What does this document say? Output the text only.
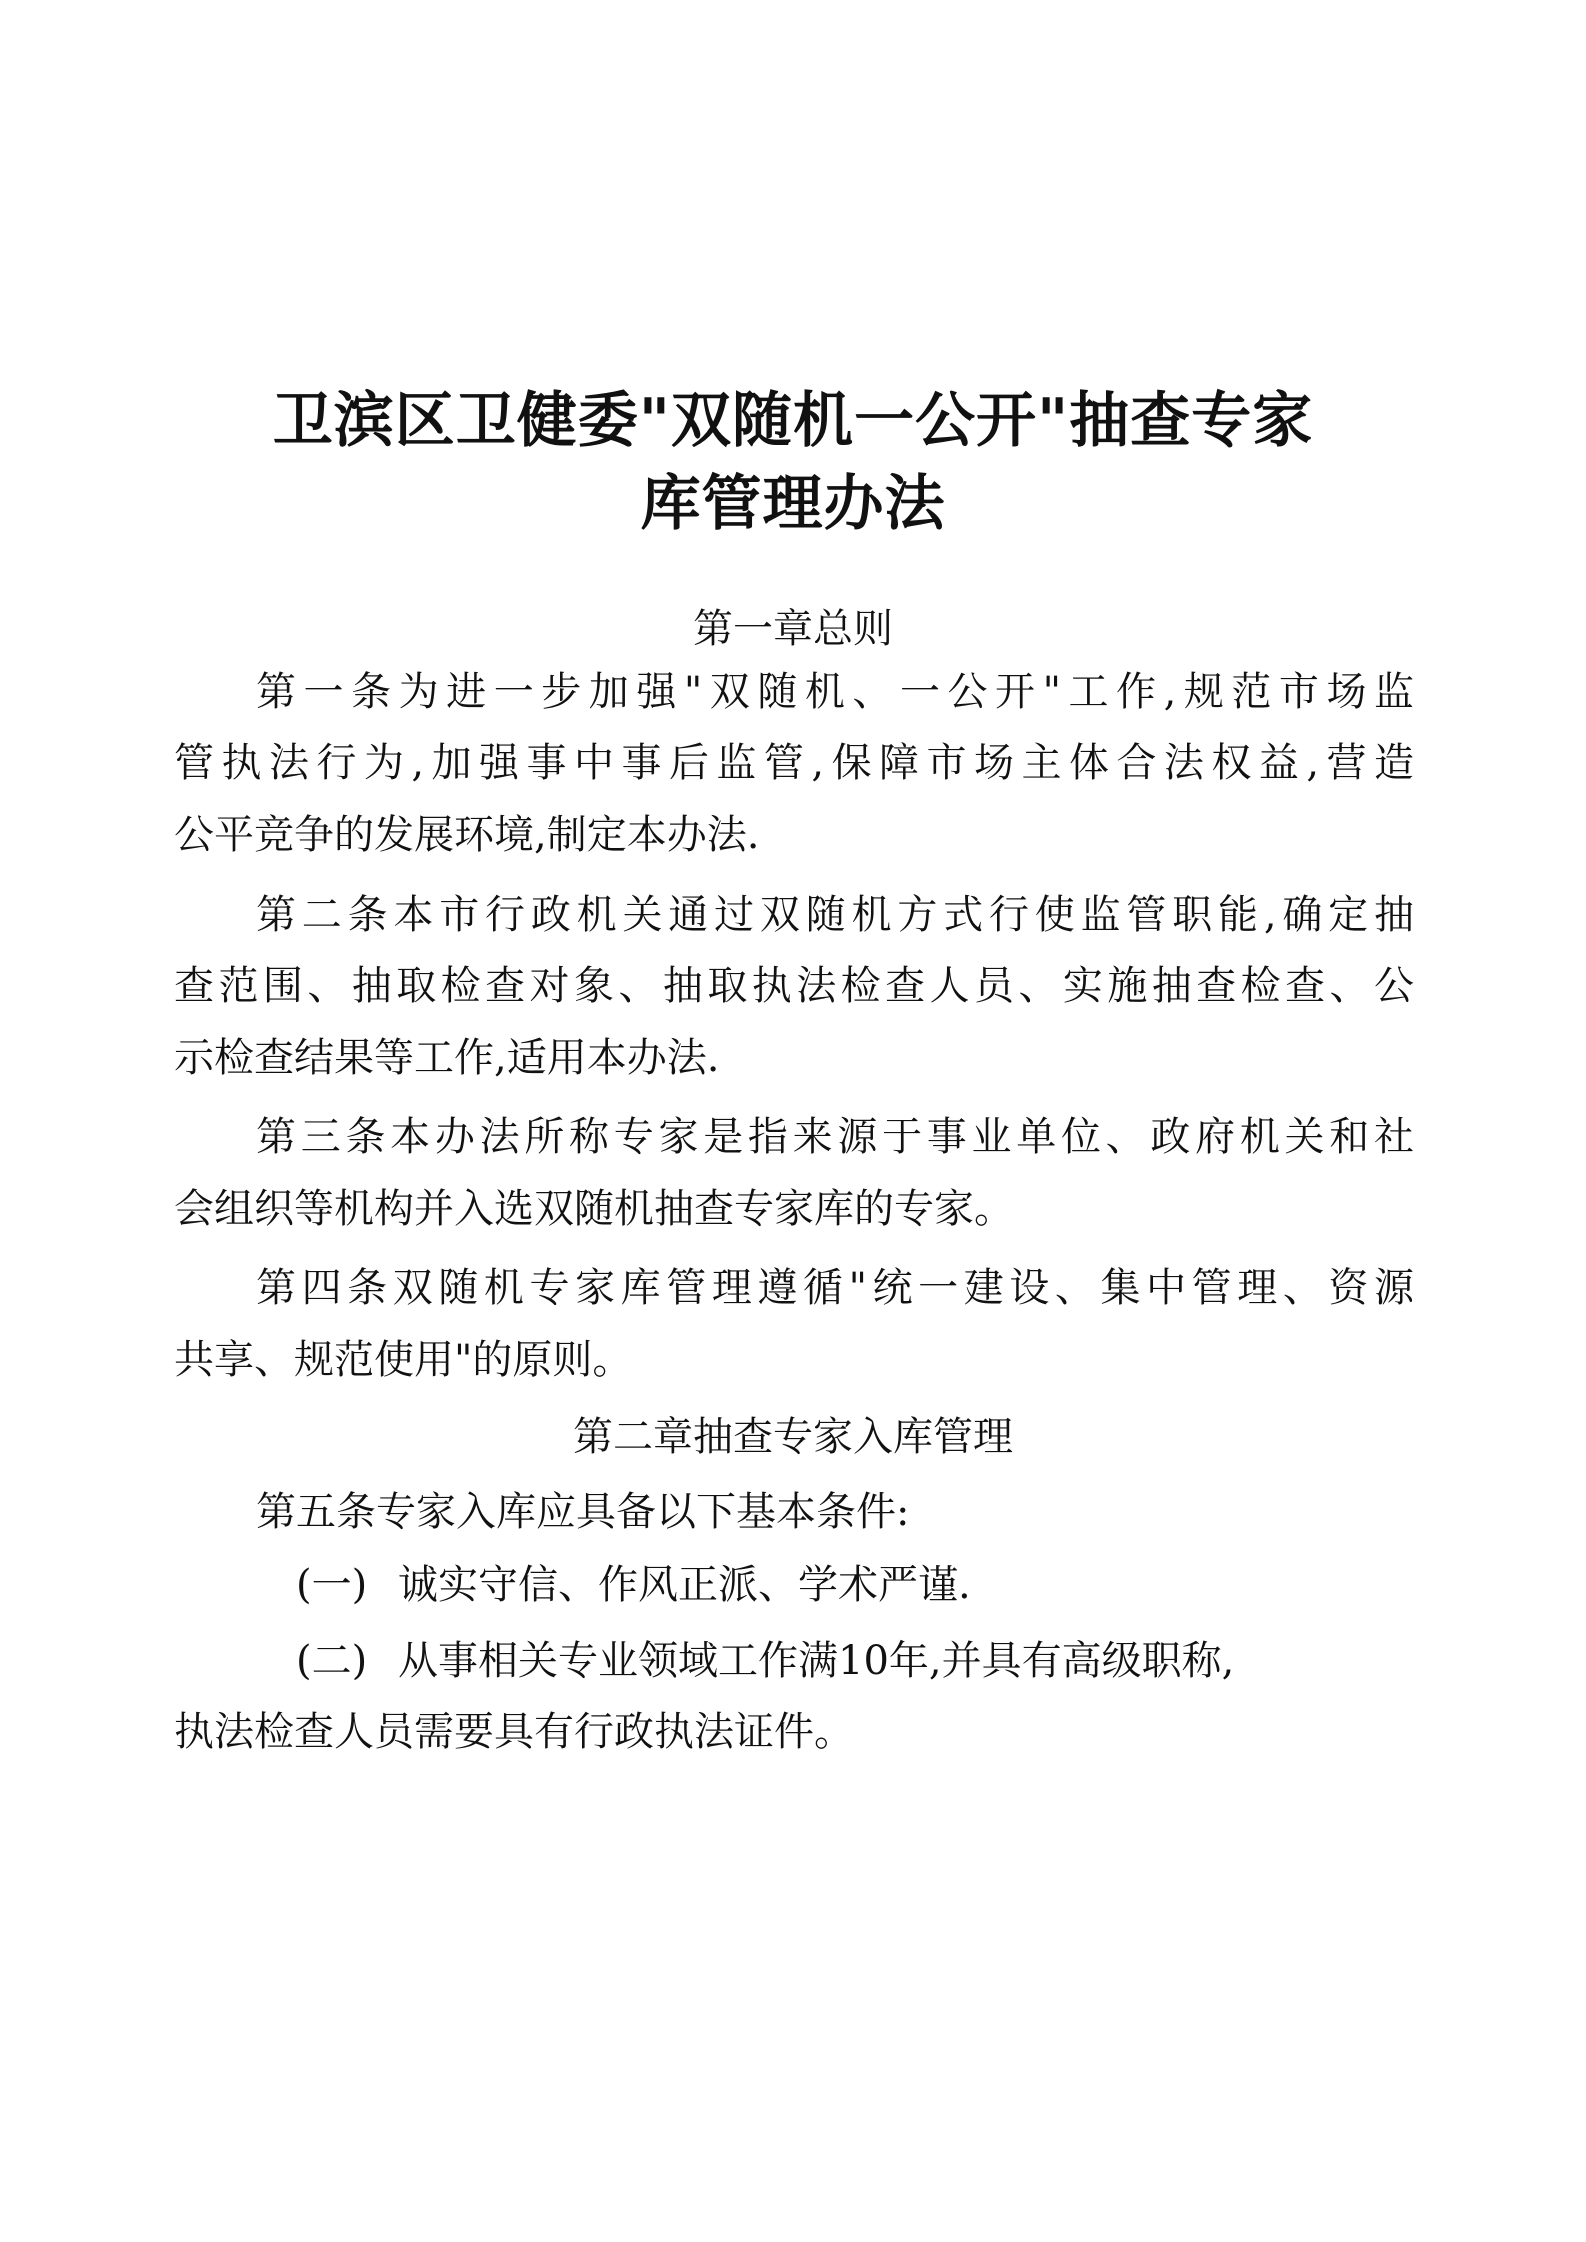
卫滨区卫健委"双随机一公开"抽查专家
库管理办法

第一章总则

第一条为进一步加强"双随机、一公开"工作,规范市场监

管执法行为,加强事中事后监管,保障市场主体合法权益,营造

公平竞争的发展环境,制定本办法.

第二条本市行政机关通过双随机方式行使监管职能,确定抽

查范围、抽取检查对象、抽取执法检查人员、实施抽查检查、公

示检查结果等工作,适用本办法.

第三条本办法所称专家是指来源于事业单位、政府机关和社

会组织等机构并入选双随机抽查专家库的专家。

第四条双随机专家库管理遵循"统一建设、集中管理、资源

共享、规范使用"的原则。

第二章抽查专家入库管理

第五条专家入库应具备以下基本条件:

(一) 诚实守信、作风正派、学术严谨.

(二) 从事相关专业领域工作满10年,并具有高级职称,

执法检查人员需要具有行政执法证件。
